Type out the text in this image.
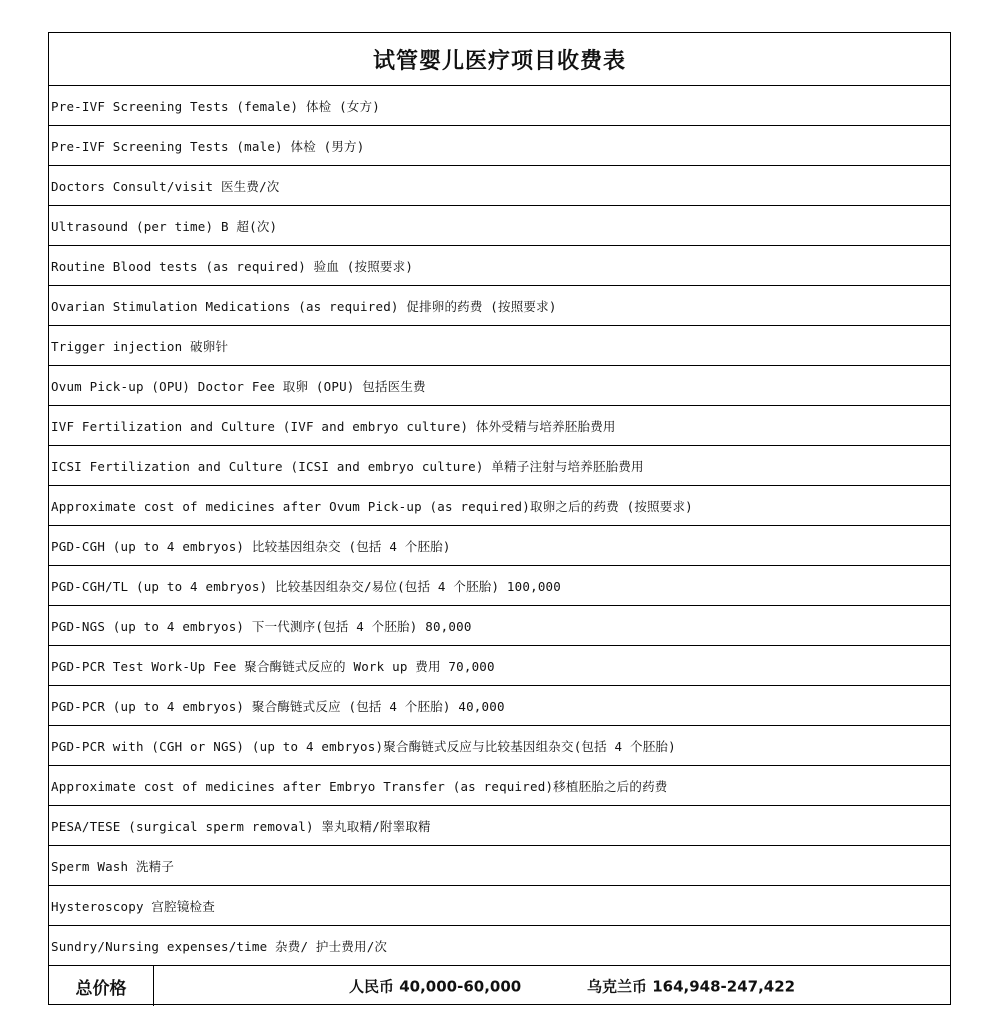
试管婴儿医疗项目收费表
Pre-IVF Screening Tests (female) 体检 (女方)
Pre-IVF Screening Tests (male) 体检 (男方)
Doctors Consult/visit 医生费/次
Ultrasound (per time) B 超(次)
Routine Blood tests (as required) 验血 (按照要求)
Ovarian Stimulation Medications (as required) 促排卵的药费 (按照要求)
Trigger injection 破卵针
Ovum Pick-up (OPU) Doctor Fee 取卵 (OPU) 包括医生费
IVF Fertilization and Culture (IVF and embryo culture) 体外受精与培养胚胎费用
ICSI Fertilization and Culture (ICSI and embryo culture) 单精子注射与培养胚胎费用
Approximate cost of medicines after Ovum Pick-up (as required)取卵之后的药费 (按照要求)
PGD-CGH (up to 4 embryos) 比较基因组杂交 (包括 4 个胚胎)
PGD-CGH/TL (up to 4 embryos) 比较基因组杂交/易位(包括 4 个胚胎) 100,000
PGD-NGS (up to 4 embryos) 下一代测序(包括 4 个胚胎) 80,000
PGD-PCR Test Work-Up Fee 聚合酶链式反应的 Work up 费用 70,000
PGD-PCR (up to 4 embryos) 聚合酶链式反应 (包括 4 个胚胎) 40,000
PGD-PCR with (CGH or NGS) (up to 4 embryos)聚合酶链式反应与比较基因组杂交(包括 4 个胚胎)
Approximate cost of medicines after Embryo Transfer (as required)移植胚胎之后的药费
PESA/TESE (surgical sperm removal) 睾丸取精/附睾取精
Sperm Wash 洗精子
Hysteroscopy 宫腔镜检查
Sundry/Nursing expenses/time 杂费/ 护士费用/次
总价格	人民币 40,000-60,000	乌克兰币 164,948-247,422
